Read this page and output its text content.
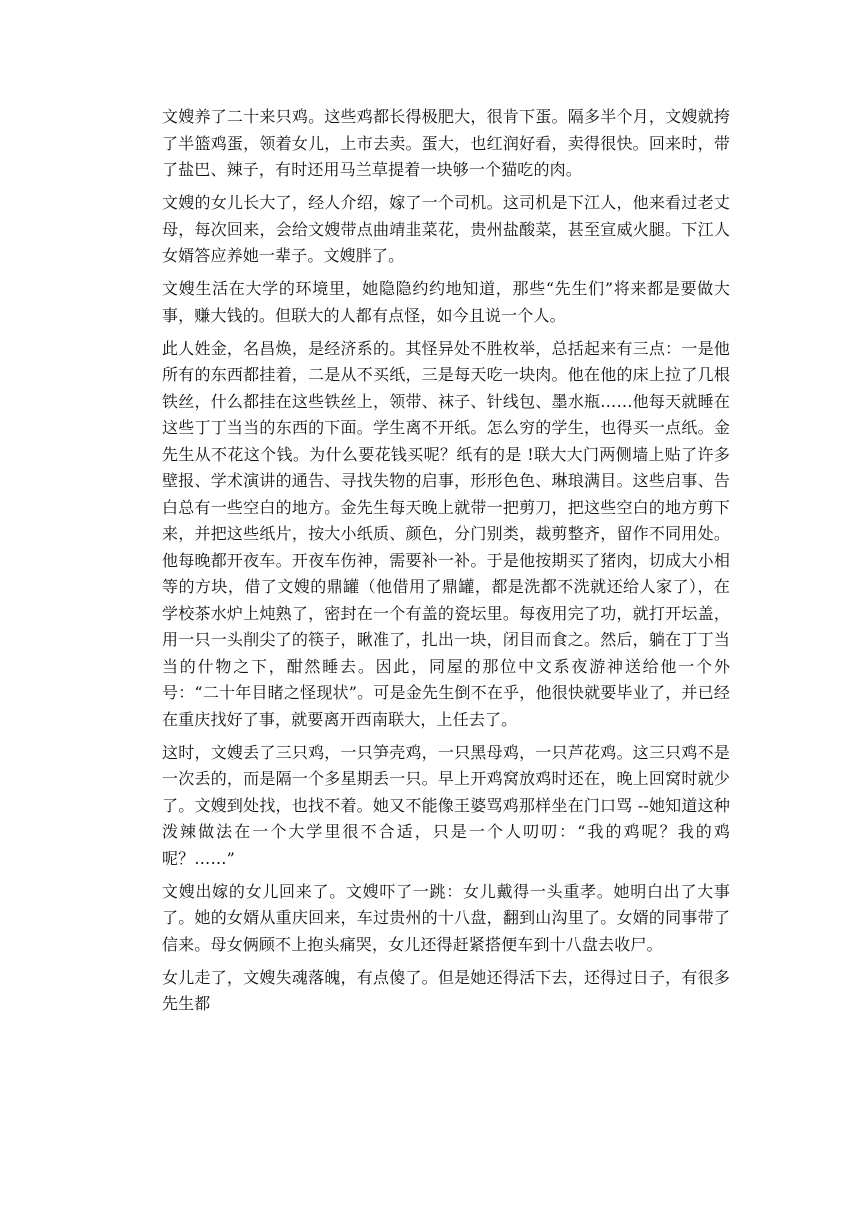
文嫂养了二十来只鸡。这些鸡都长得极肥大，很肯下蛋。隔多半个月，文嫂就挎了半篮鸡蛋，领着女儿，上市去卖。蛋大，也红润好看，卖得很快。回来时，带了盐巴、辣子，有时还用马兰草提着一块够一个猫吃的肉。

文嫂的女儿长大了，经人介绍，嫁了一个司机。这司机是下江人，他来看过老丈母，每次回来，会给文嫂带点曲靖韭菜花，贵州盐酸菜，甚至宣威火腿。下江人女婿答应养她一辈子。文嫂胖了。

文嫂生活在大学的环境里，她隐隐约约地知道，那些“先生们”将来都是要做大事，赚大钱的。但联大的人都有点怪，如今且说一个人。

此人姓金，名昌焕，是经济系的。其怪异处不胜枚举，总括起来有三点：一是他所有的东西都挂着，二是从不买纸，三是每天吃一块肉。他在他的床上拉了几根铁丝，什么都挂在这些铁丝上，领带、袜子、针线包、墨水瓶……他每天就睡在这些丁丁当当的东西的下面。学生离不开纸。怎么穷的学生，也得买一点纸。金先生从不花这个钱。为什么要花钱买呢？纸有的是 !联大大门两侧墙上贴了许多壁报、学术演讲的通告、寻找失物的启事，形形色色、琳琅满目。这些启事、告白总有一些空白的地方。金先生每天晚上就带一把剪刀，把这些空白的地方剪下来，并把这些纸片，按大小纸质、颜色，分门别类，裁剪整齐，留作不同用处。他每晚都开夜车。开夜车伤神，需要补一补。于是他按期买了猪肉，切成大小相等的方块，借了文嫂的鼎罐（他借用了鼎罐，都是洗都不洗就还给人家了），在学校茶水炉上炖熟了，密封在一个有盖的瓷坛里。每夜用完了功，就打开坛盖，用一只一头削尖了的筷子，瞅准了，扎出一块，闭目而食之。然后，躺在丁丁当当的什物之下，酣然睡去。因此，同屋的那位中文系夜游神送给他一个外号：“二十年目睹之怪现状”。可是金先生倒不在乎，他很快就要毕业了，并已经在重庆找好了事，就要离开西南联大，上任去了。

这时，文嫂丢了三只鸡，一只笋壳鸡，一只黑母鸡，一只芦花鸡。这三只鸡不是一次丢的，而是隔一个多星期丢一只。早上开鸡窝放鸡时还在，晚上回窝时就少了。文嫂到处找，也找不着。她又不能像王婆骂鸡那样坐在门口骂 --她知道这种泼辣做法在一个大学里很不合适，只是一个人叨叨：“我的鸡呢？我的鸡呢？……”

文嫂出嫁的女儿回来了。文嫂吓了一跳：女儿戴得一头重孝。她明白出了大事了。她的女婿从重庆回来，车过贵州的十八盘，翻到山沟里了。女婿的同事带了信来。母女俩顾不上抱头痛哭，女儿还得赶紧搭便车到十八盘去收尸。

女儿走了，文嫂失魂落魄，有点傻了。但是她还得活下去，还得过日子，有很多先生都
